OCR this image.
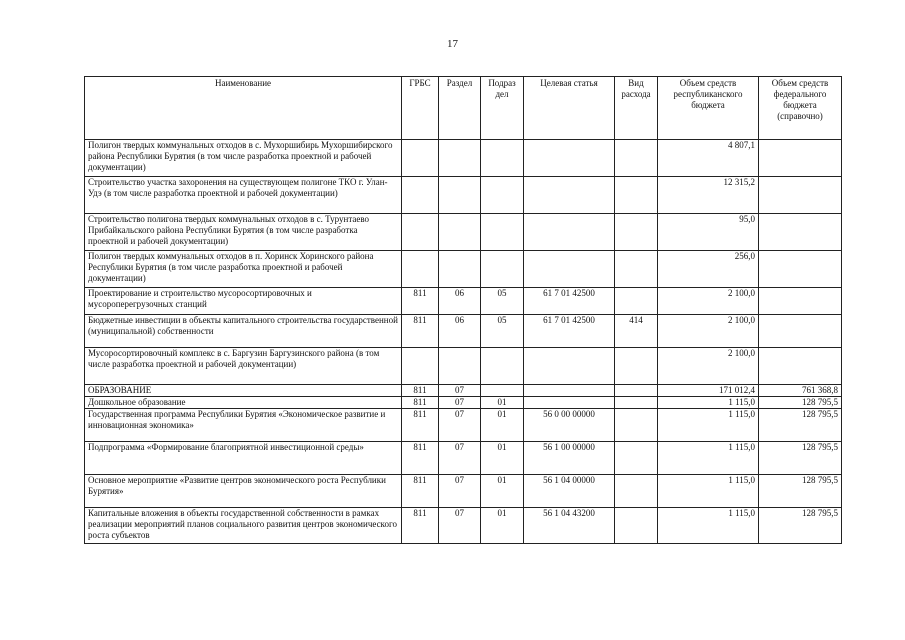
17
Наименование	ГРБС	Раздел	Подраз дел	Целевая статья	Вид расхода	Объем средств республиканского бюджета	Объем средств федерального бюджета (справочно)
Полигон твердых коммунальных отходов в с. Мухоршибирь Мухоршибирского района Республики Бурятия (в том числе разработка проектной и рабочей документации)						4 807,1	
Строительство участка захоронения на существующем полигоне ТКО г. Улан-Удэ (в том числе разработка проектной и рабочей документации)						12 315,2	
Строительство полигона твердых коммунальных отходов в с. Турунтаево Прибайкальского района Республики Бурятия (в том числе разработка проектной и рабочей документации)						95,0	
Полигон твердых коммунальных отходов в п. Хоринск Хоринского района Республики Бурятия (в том числе разработка проектной и рабочей документации)						256,0	
Проектирование и строительство мусоросортировочных и мусороперегрузочных станций	811	06	05	61 7 01 42500		2 100,0	
Бюджетные инвестиции в объекты капитального строительства государственной (муниципальной) собственности	811	06	05	61 7 01 42500	414	2 100,0	
Мусоросортировочный комплекс в с. Баргузин Баргузинского района (в том числе разработка проектной и рабочей документации)						2 100,0	
ОБРАЗОВАНИЕ	811	07				171 012,4	761 368,8
Дошкольное образование	811	07	01			1 115,0	128 795,5
Государственная программа Республики Бурятия «Экономическое развитие и инновационная экономика»	811	07	01	56 0 00 00000		1 115,0	128 795,5
Подпрограмма «Формирование благоприятной инвестиционной среды»	811	07	01	56 1 00 00000		1 115,0	128 795,5
Основное мероприятие «Развитие центров экономического роста Республики Бурятия»	811	07	01	56 1 04 00000		1 115,0	128 795,5
Капитальные вложения в объекты государственной собственности в рамках реализации мероприятий планов социального развития центров экономического роста субъектов	811	07	01	56 1 04 43200		1 115,0	128 795,5
